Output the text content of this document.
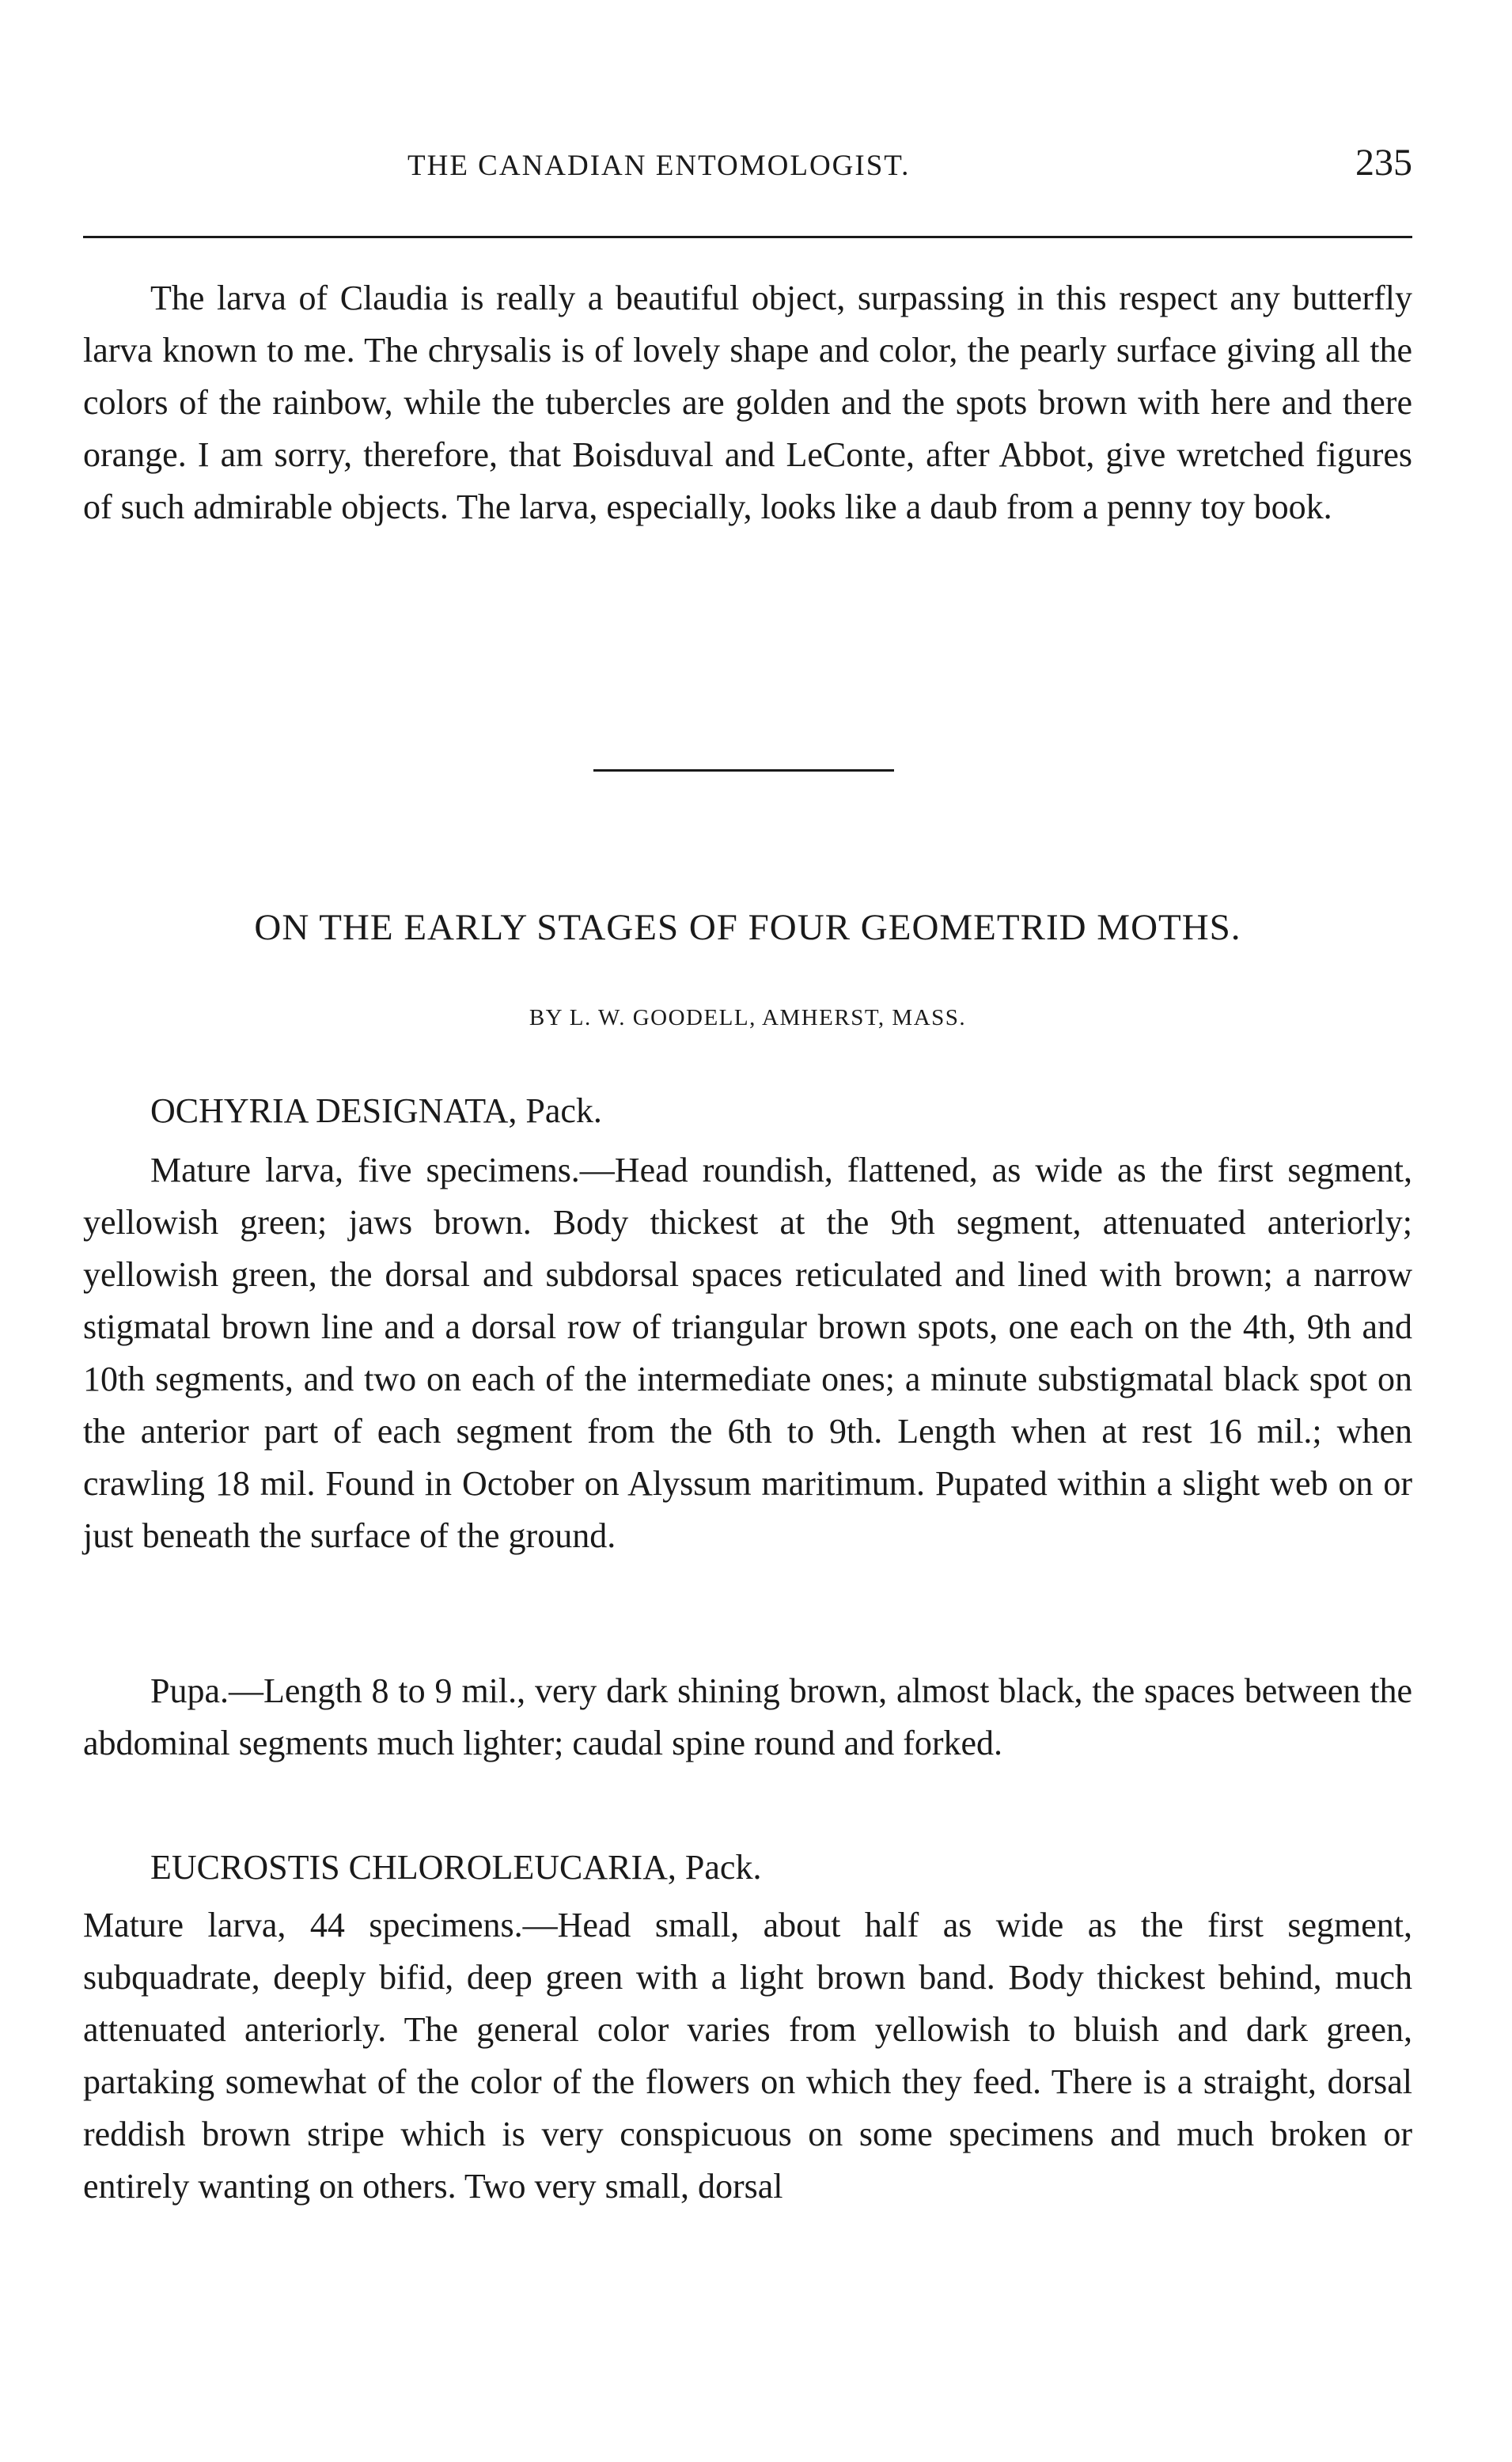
THE CANADIAN ENTOMOLOGIST.	235

The larva of Claudia is really a beautiful object, surpassing in this respect any butterfly larva known to me. The chrysalis is of lovely shape and color, the pearly surface giving all the colors of the rainbow, while the tubercles are golden and the spots brown with here and there orange. I am sorry, therefore, that Boisduval and LeConte, after Abbot, give wretched figures of such admirable objects. The larva, especially, looks like a daub from a penny toy book.

ON THE EARLY STAGES OF FOUR GEOMETRID MOTHS.

BY L. W. GOODELL, AMHERST, MASS.

OCHYRIA DESIGNATA, Pack.

Mature larva, five specimens.—Head roundish, flattened, as wide as the first segment, yellowish green; jaws brown. Body thickest at the 9th segment, attenuated anteriorly; yellowish green, the dorsal and subdorsal spaces reticulated and lined with brown; a narrow stigmatal brown line and a dorsal row of triangular brown spots, one each on the 4th, 9th and 10th segments, and two on each of the intermediate ones; a minute substigmatal black spot on the anterior part of each segment from the 6th to 9th. Length when at rest 16 mil.; when crawling 18 mil. Found in October on Alyssum maritimum. Pupated within a slight web on or just beneath the surface of the ground.

Pupa.—Length 8 to 9 mil., very dark shining brown, almost black, the spaces between the abdominal segments much lighter; caudal spine round and forked.

EUCROSTIS CHLOROLEUCARIA, Pack.

Mature larva, 44 specimens.—Head small, about half as wide as the first segment, subquadrate, deeply bifid, deep green with a light brown band. Body thickest behind, much attenuated anteriorly. The general color varies from yellowish to bluish and dark green, partaking somewhat of the color of the flowers on which they feed. There is a straight, dorsal reddish brown stripe which is very conspicuous on some specimens and much broken or entirely wanting on others. Two very small, dorsal
